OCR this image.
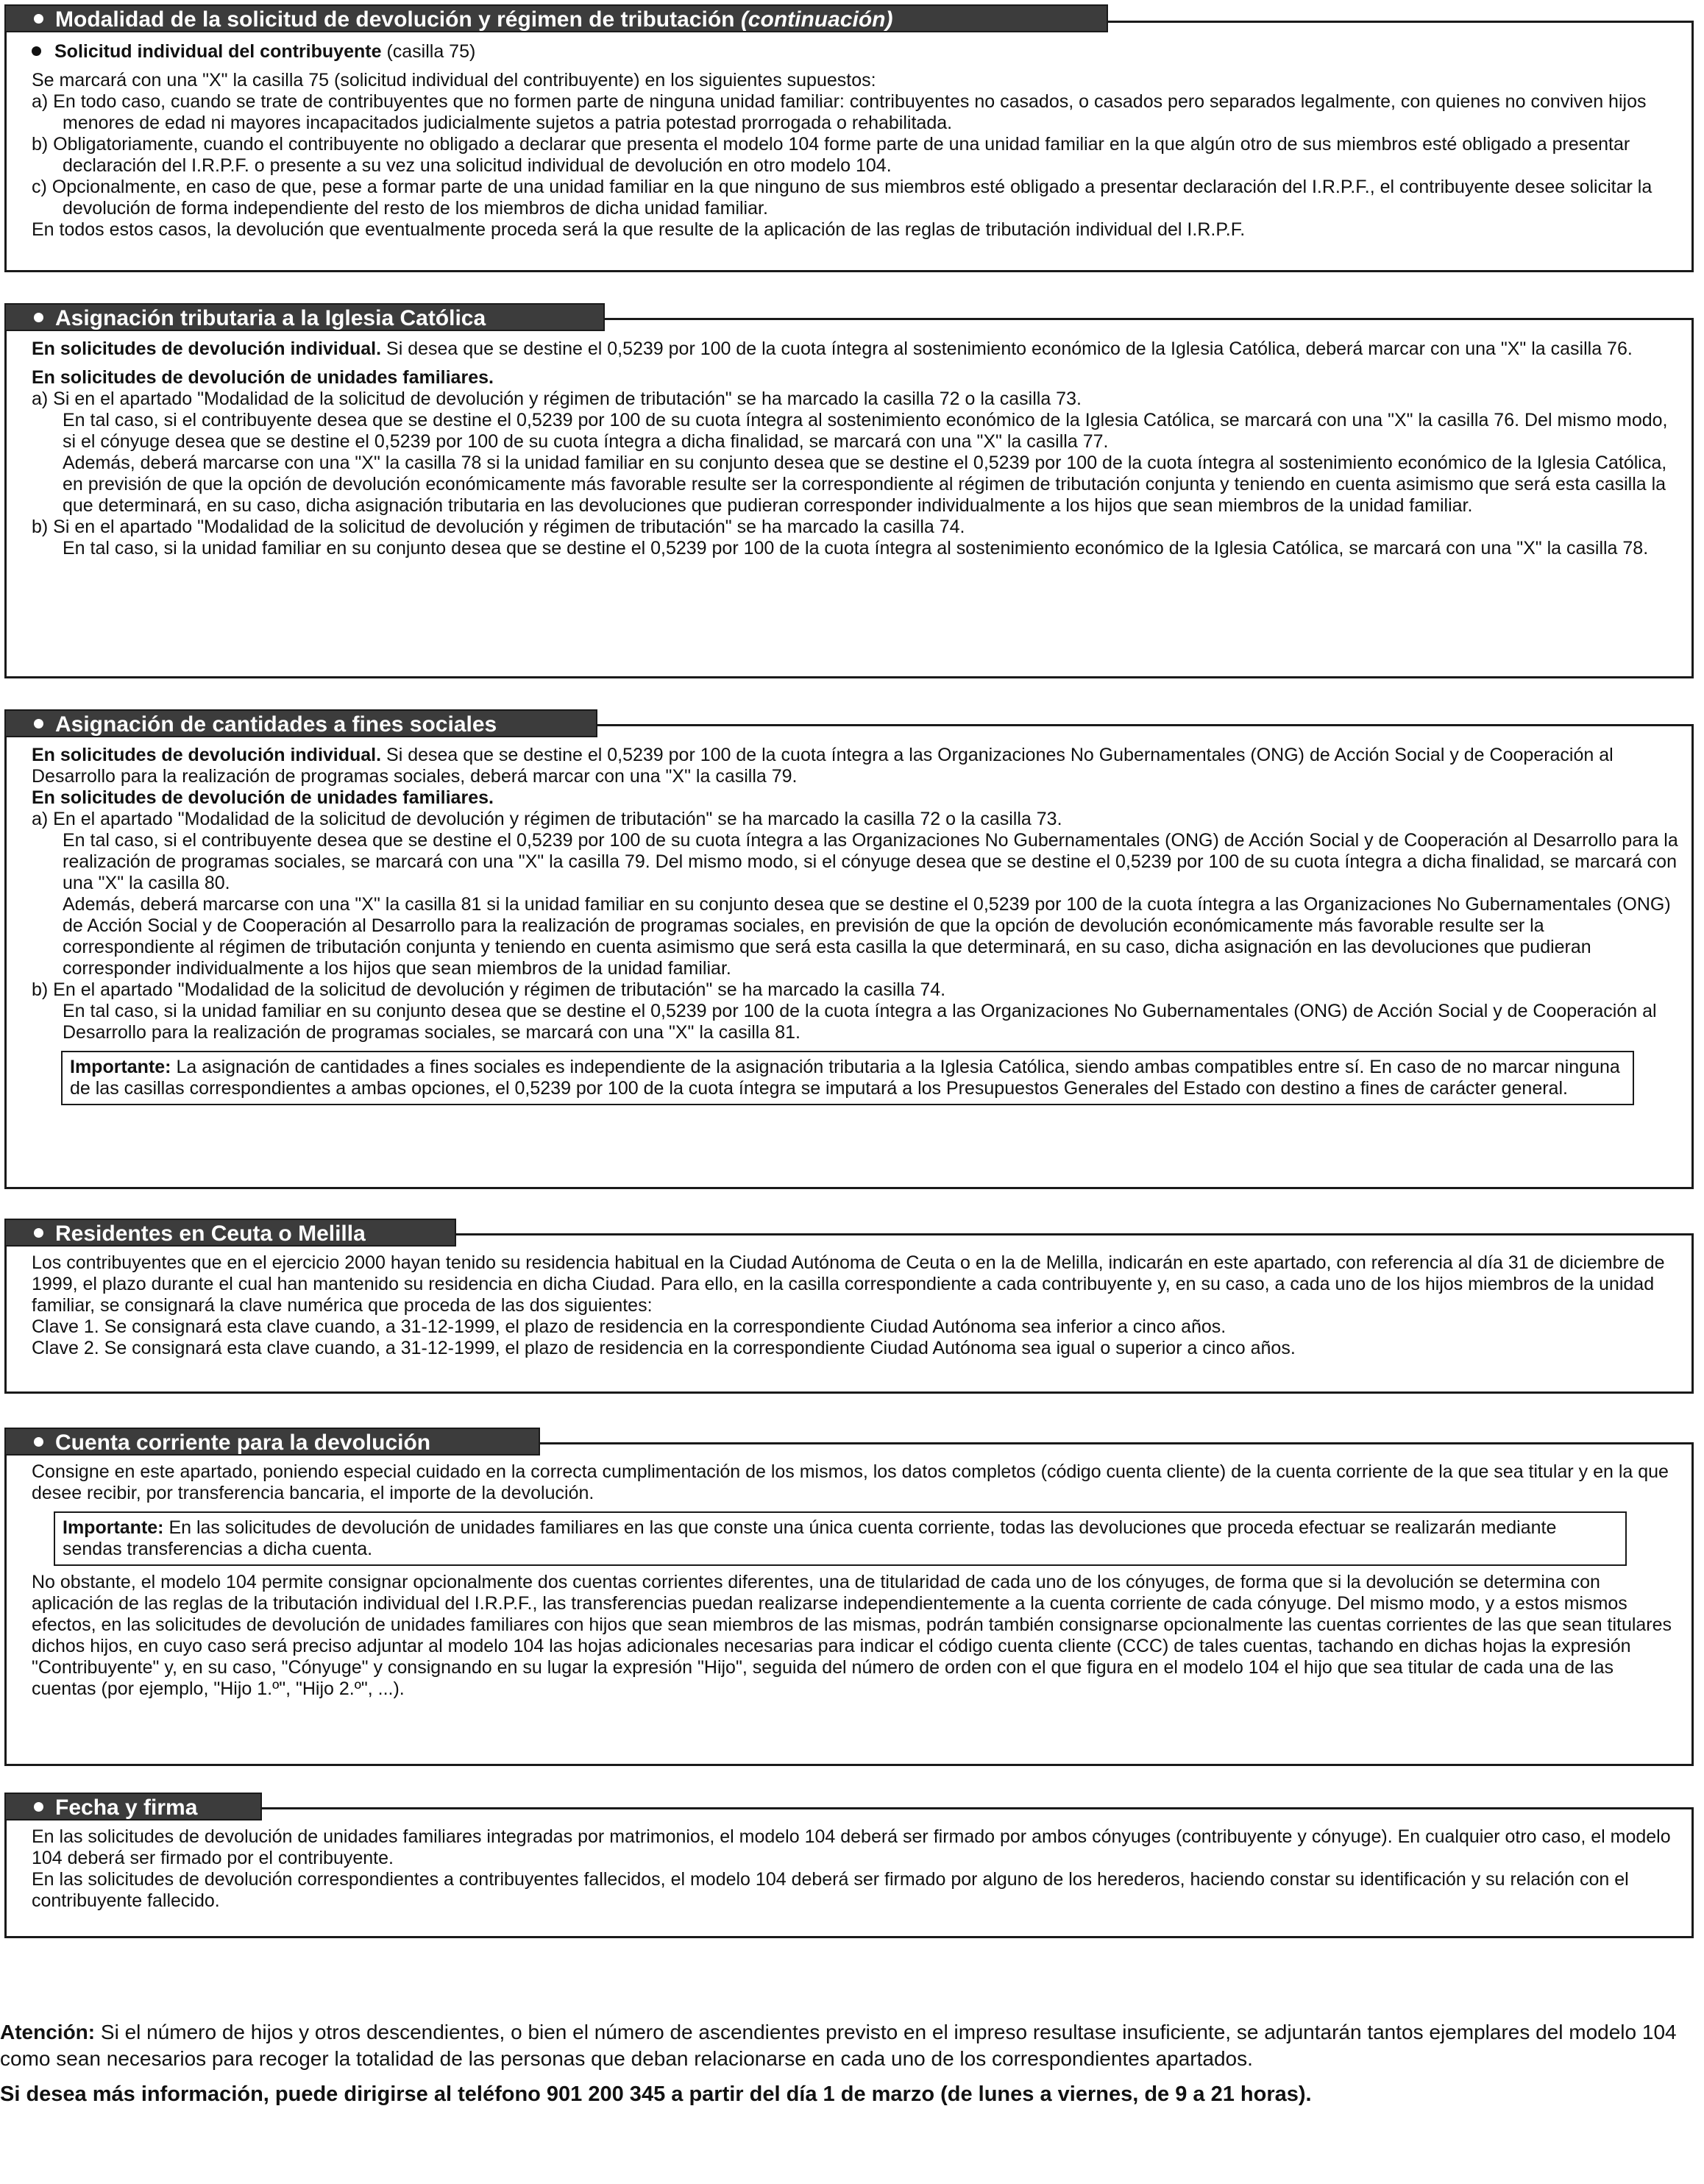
Solicitud individual del contribuyente (casilla 75)

Se marcará con una "X" la casilla 75 (solicitud individual del contribuyente) en los siguientes supuestos:

a) En todo caso, cuando se trate de contribuyentes que no formen parte de ninguna unidad familiar: contribuyentes no casados, o casados pero separados legalmente, con quienes no conviven hijos menores de edad ni mayores incapacitados judicialmente sujetos a patria potestad prorrogada o rehabilitada.

b) Obligatoriamente, cuando el contribuyente no obligado a declarar que presenta el modelo 104 forme parte de una unidad familiar en la que algún otro de sus miembros esté obligado a presentar declaración del I.R.P.F. o presente a su vez una solicitud individual de devolución en otro modelo 104.

c) Opcionalmente, en caso de que, pese a formar parte de una unidad familiar en la que ninguno de sus miembros esté obligado a presentar declaración del I.R.P.F., el contribuyente desee solicitar la devolución de forma independiente del resto de los miembros de dicha unidad familiar.

En todos estos casos, la devolución que eventualmente proceda será la que resulte de la aplicación de las reglas de tributación individual del I.R.P.F.

Modalidad de la solicitud de devolución y régimen de tributación (continuación)

En solicitudes de devolución individual. Si desea que se destine el 0,5239 por 100 de la cuota íntegra al sostenimiento económico de la Iglesia Católica, deberá marcar con una "X" la casilla 76.

En solicitudes de devolución de unidades familiares.

a) Si en el apartado "Modalidad de la solicitud de devolución y régimen de tributación" se ha marcado la casilla 72 o la casilla 73.

En tal caso, si el contribuyente desea que se destine el 0,5239 por 100 de su cuota íntegra al sostenimiento económico de la Iglesia Católica, se marcará con una "X" la casilla 76. Del mismo modo, si el cónyuge desea que se destine el 0,5239 por 100 de su cuota íntegra a dicha finalidad, se marcará con una "X" la casilla 77.

Además, deberá marcarse con una "X" la casilla 78 si la unidad familiar en su conjunto desea que se destine el 0,5239 por 100 de la cuota íntegra al sostenimiento económico de la Iglesia Católica, en previsión de que la opción de devolución económicamente más favorable resulte ser la correspondiente al régimen de tributación conjunta y teniendo en cuenta asimismo que será esta casilla la que determinará, en su caso, dicha asignación tributaria en las devoluciones que pudieran corresponder individualmente a los hijos que sean miembros de la unidad familiar.

b) Si en el apartado "Modalidad de la solicitud de devolución y régimen de tributación" se ha marcado la casilla 74.

En tal caso, si la unidad familiar en su conjunto desea que se destine el 0,5239 por 100 de la cuota íntegra al sostenimiento económico de la Iglesia Católica, se marcará con una "X" la casilla 78.

Asignación tributaria a la Iglesia Católica

En solicitudes de devolución individual. Si desea que se destine el 0,5239 por 100 de la cuota íntegra a las Organizaciones No Gubernamentales (ONG) de Acción Social y de Cooperación al Desarrollo para la realización de programas sociales, deberá marcar con una "X" la casilla 79.

En solicitudes de devolución de unidades familiares.

a) En el apartado "Modalidad de la solicitud de devolución y régimen de tributación" se ha marcado la casilla 72 o la casilla 73.

En tal caso, si el contribuyente desea que se destine el 0,5239 por 100 de su cuota íntegra a las Organizaciones No Gubernamentales (ONG) de Acción Social y de Cooperación al Desarrollo para la realización de programas sociales, se marcará con una "X" la casilla 79. Del mismo modo, si el cónyuge desea que se destine el 0,5239 por 100 de su cuota íntegra a dicha finalidad, se marcará con una "X" la casilla 80.

Además, deberá marcarse con una "X" la casilla 81 si la unidad familiar en su conjunto desea que se destine el 0,5239 por 100 de la cuota íntegra a las Organizaciones No Gubernamentales (ONG) de Acción Social y de Cooperación al Desarrollo para la realización de programas sociales, en previsión de que la opción de devolución económicamente más favorable resulte ser la correspondiente al régimen de tributación conjunta y teniendo en cuenta asimismo que será esta casilla la que determinará, en su caso, dicha asignación en las devoluciones que pudieran corresponder individualmente a los hijos que sean miembros de la unidad familiar.

b) En el apartado "Modalidad de la solicitud de devolución y régimen de tributación" se ha marcado la casilla 74.

En tal caso, si la unidad familiar en su conjunto desea que se destine el 0,5239 por 100 de la cuota íntegra a las Organizaciones No Gubernamentales (ONG) de Acción Social y de Cooperación al Desarrollo para la realización de programas sociales, se marcará con una "X" la casilla 81.

Importante: La asignación de cantidades a fines sociales es independiente de la asignación tributaria a la Iglesia Católica, siendo ambas compatibles entre sí. En caso de no marcar ninguna de las casillas correspondientes a ambas opciones, el 0,5239 por 100 de la cuota íntegra se imputará a los Presupuestos Generales del Estado con destino a fines de carácter general.

Asignación de cantidades a fines sociales

Los contribuyentes que en el ejercicio 2000 hayan tenido su residencia habitual en la Ciudad Autónoma de Ceuta o en la de Melilla, indicarán en este apartado, con referencia al día 31 de diciembre de 1999, el plazo durante el cual han mantenido su residencia en dicha Ciudad. Para ello, en la casilla correspondiente a cada contribuyente y, en su caso, a cada uno de los hijos miembros de la unidad familiar, se consignará la clave numérica que proceda de las dos siguientes:

Clave 1. Se consignará esta clave cuando, a 31-12-1999, el plazo de residencia en la correspondiente Ciudad Autónoma sea inferior a cinco años.

Clave 2. Se consignará esta clave cuando, a 31-12-1999, el plazo de residencia en la correspondiente Ciudad Autónoma sea igual o superior a cinco años.

Residentes en Ceuta o Melilla

Consigne en este apartado, poniendo especial cuidado en la correcta cumplimentación de los mismos, los datos completos (código cuenta cliente) de la cuenta corriente de la que sea titular y en la que desee recibir, por transferencia bancaria, el importe de la devolución.

Importante: En las solicitudes de devolución de unidades familiares en las que conste una única cuenta corriente, todas las devoluciones que proceda efectuar se realizarán mediante sendas transferencias a dicha cuenta.

No obstante, el modelo 104 permite consignar opcionalmente dos cuentas corrientes diferentes, una de titularidad de cada uno de los cónyuges, de forma que si la devolución se determina con aplicación de las reglas de la tributación individual del I.R.P.F., las transferencias puedan realizarse independientemente a la cuenta corriente de cada cónyuge. Del mismo modo, y a estos mismos efectos, en las solicitudes de devolución de unidades familiares con hijos que sean miembros de las mismas, podrán también consignarse opcionalmente las cuentas corrientes de las que sean titulares dichos hijos, en cuyo caso será preciso adjuntar al modelo 104 las hojas adicionales necesarias para indicar el código cuenta cliente (CCC) de tales cuentas, tachando en dichas hojas la expresión "Contribuyente" y, en su caso, "Cónyuge" y consignando en su lugar la expresión "Hijo", seguida del número de orden con el que figura en el modelo 104 el hijo que sea titular de cada una de las cuentas (por ejemplo, "Hijo 1.º", "Hijo 2.º", ...).

Cuenta corriente para la devolución

En las solicitudes de devolución de unidades familiares integradas por matrimonios, el modelo 104 deberá ser firmado por ambos cónyuges (contribuyente y cónyuge). En cualquier otro caso, el modelo 104 deberá ser firmado por el contribuyente.

En las solicitudes de devolución correspondientes a contribuyentes fallecidos, el modelo 104 deberá ser firmado por alguno de los herederos, haciendo constar su identificación y su relación con el contribuyente fallecido.

Fecha y firma

Atención: Si el número de hijos y otros descendientes, o bien el número de ascendientes previsto en el impreso resultase insuficiente, se adjuntarán tantos ejemplares del modelo 104 como sean necesarios para recoger la totalidad de las personas que deban relacionarse en cada uno de los correspondientes apartados.

Si desea más información, puede dirigirse al teléfono 901 200 345 a partir del día 1 de marzo (de lunes a viernes, de 9 a 21 horas).
